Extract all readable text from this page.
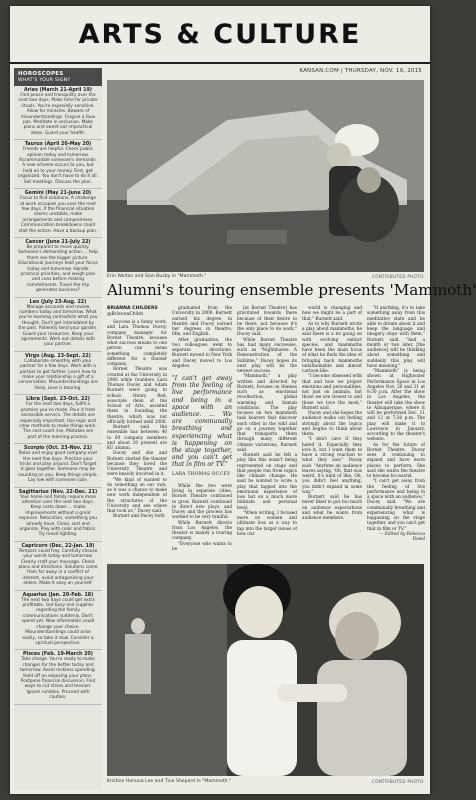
ARTS & CULTURE
KANSAN.COM | THURSDAY, NOV. 19, 2015
HOROSCOPES
WHAT'S YOUR SIGN?
Aries (March 21-April 19)
Find peace and tranquility over the next two days. Make time for private rituals. You're especially sensitive. Allow for miracles. Beware of misunderstandings. Forgive a faux pas. Meditate in seclusion. Make plans and sweet out impractical ideas. Guard your health.
Taurus (April 20-May 20)
Friends are helpful. Check public opinion today and tomorrow. Accommodate someone's demands. A new scheme occurs to you, but hold on to your money. First, get organized. You don't have to do it all. Set meetings. Discuss the plan.
Gemini (May 21-June 20)
Focus to find solutions. A challenge at work occupies you over the next few days. If the financial situation seems unstable, make arrangements and compromises. Communication breakdowns could stall the action. Have a backup plan.
Cancer (June 21-July 22)
Be prepared to move quickly. Someone's demanding action ... help them see the bigger picture. Educational journeys hold your focus today and tomorrow. Handle practical priorities, and weigh pros and cons before making commitments. Travel the trip generates business?
Leo (July 23-Aug. 22)
Manage accounts and review numbers today and tomorrow. What you're learning contradicts what you thought. Don't get intimidated by the past. Patiently tend your garden. Guard your resources. Keep your agreements. Work out details with your partner.
Virgo (Aug. 23-Sept. 22)
Collaborate smoothly with your partner for a few days. Work with a partner to get farther. Learn how to make your relationship a gift of a conversation. Misunderstandings are likely. Love is bearing.
Libra (Sept. 23-Oct. 22)
For the next two days, fulfill a promise you've made. Pour it from accessible service. The details are especially important. Use logic and clear methods to make things work. The cost could rise. Mistakes are part of the learning process.
Scorpio (Oct. 23-Nov. 21)
Relax and enjoy good company over the next few days. Practice your tricks and play around. Don't forget it goes together. Someone may be counting on you. Keep things simple. Lay low with someone cute.
Sagittarius (Nov. 22-Dec. 21)
Your home and family require more attention over the next two days. Keep costs down ... make improvements without a great expense. Relocation, something you already have. Clean, sort and organize. Play with color and fabric. Try mood lighting.
Capricorn (Dec. 22-Jan. 19)
Tempers could fray. Carefully choose your words today and tomorrow. Clearly craft your message. Check plans and directions. Solutions come from far away in a conflict of interest, avoid antagonizing your elders. Make it easy on yourself.
Aquarius (Jan. 20-Feb. 18)
The next two days could get extra profitable. Get busy and supplies regarding the family communications suddenly. Don't spend yet. New information could change your choice. Misunderstandings could arise easily, so take it slow. Consider a spiritual perspective.
Pisces (Feb. 19-March 20)
Take charge. You're ready to make changes for the better today and tomorrow. Avoid reckless spending. Hold off on exposing your plans. Postpone financial discussion. Find ways to cut stress and tension. Ignore rumbles. Proceed with caution.
Erin Walton and Sian Busby in "Mammoth."	CONTRIBUTED PHOTO
Alumni's touring ensemble presents 'Mammoth'
BRIANNA CHILDERS
@BriannaChilds

Success is a funny word, and Lara Thomas Ducey, company manager for Bornet Theatre, because what success means to one person can mean something completely different for a theater company.

Bornet Theatre was created at the University in 2006 while founders Lara Thomas Ducey and Adam Burnett were going to school. Henry Red, associate dean of the School of Arts, assisted them in founding the theatre, which was not officially formed until 2008.

Burnett said the ensemble has between 40 to 60 company members and about 20 present are KU alumni.

Ducey and she and Burnett started the theater because they loved the University Theatre and were heavily involved in it.

"We kind of wanted to do something on our own, as it was a chance to make new work independent of the structures of the University and see where that took us," Ducey said.

Burnett and Ducey both

graduated from the University in 2008. Burnett earned his degree in theatre and Ducey earned her degrees in theatre, film, and English.

After graduation, the two colleagues went to separate directions. Burnett moved to New York and Ducey moved to Los Angeles.

"I can't get away from the feeling of live performance and being in a space with an audience. ... We are communally breathing and experiencing what is happening on the stage together, and you can't get that in film or TV."
LARA THOMAS DUCEY

While the two were living in separate cities, Bornet Theatre continued to grow. Burnett continued to direct new plays, and Ducey and the process has worked to be very tandful.

While Burnett directs from Los Angeles, the theater is mainly a touring company.

"Everyone who wants to be

[at Bornet Theatre] has gravitated towards there because of their desire to be there, not because it's the only place to do work," Ducey said.

While Bornet Theatre has had many successes, such as "Nightmares: A Demonstration of the Sublime," Ducey hopes its next play will be the newest success.

"Mammoth," a play written and directed by Burnett, focuses on themes such as emotional recollection, global warming and human conditions. The play focuses on two mammoth task bearers that discover each other in the wild and go on a journey together that transports them through many different climate variations, Burnett said.

Burnett said he felt a play like this wasn't being represented on stage and that people run from topics like climate change. He said he wanted to write a play that tapped into the emotional experience of loss but on a much more intimate and personal level.

"When writing, I focused more on women and ultimate loss as a way to tap into the larger issues of how our

world is changing and how we might be a part of that," Burnett said.

As to why Burnett wrote a play about mammoths, he said there is a lot going on with evolving extinct species, and mammoths have been the main focus of what he finds the idea of bringing back mammoths unfathomable and almost cartoon-like.

"I become obsessed with that and how we project emotions and personalities, not just on animals, but those we are closest to and those we love the most," Burnett said.

Ducey and she hopes the audience walks out feeling strongly about the topics and begins to think about them.

"I don't care if they hated it. Especially they love it, but I want them to have a strong reaction to what they saw," Ducey said. "Anytime an audience leaves saying, 'Oh, that was weird, it's kind of like, Oh, you didn't feel anything, you didn't expand in some way."

Burnett said he has never liked to put too much on audience expectations and what he wants from audience members.

"If anything, it's to take something away from this meditative state and be able to dream about it and keep the language and imagery stays with them," Burnett said. "And a month or two later, [the audience] will be thinking about something and suddenly this play will have meaning."

"Mammoth" is being shown at Highwater Performance Space in Los Angeles Nov. 20 and 21 at 8:30 p.m. After the show in Los Angeles, the theater will take the show to Albuquerque, where it will be performed Dec. 11 and 12 at 7:30 p.m. The play will make it to Lawrence in January, according to the theater's website.

As for the future of Bornet Theatre, Ducey sees it continuing to expand and have more places to perform. She said she wants the theatre to become bi-coastal.

"I can't get away from the feeling of live performance and being in a space with an audience," Ducey said. "We are communally breathing and experiencing what is happening on the stage together, and you can't get that in film or TV."

— Edited by Rebecca Dowd

Kristine Hanuna Lee and Tina Shepard in "Mammoth."	CONTRIBUTED PHOTO
